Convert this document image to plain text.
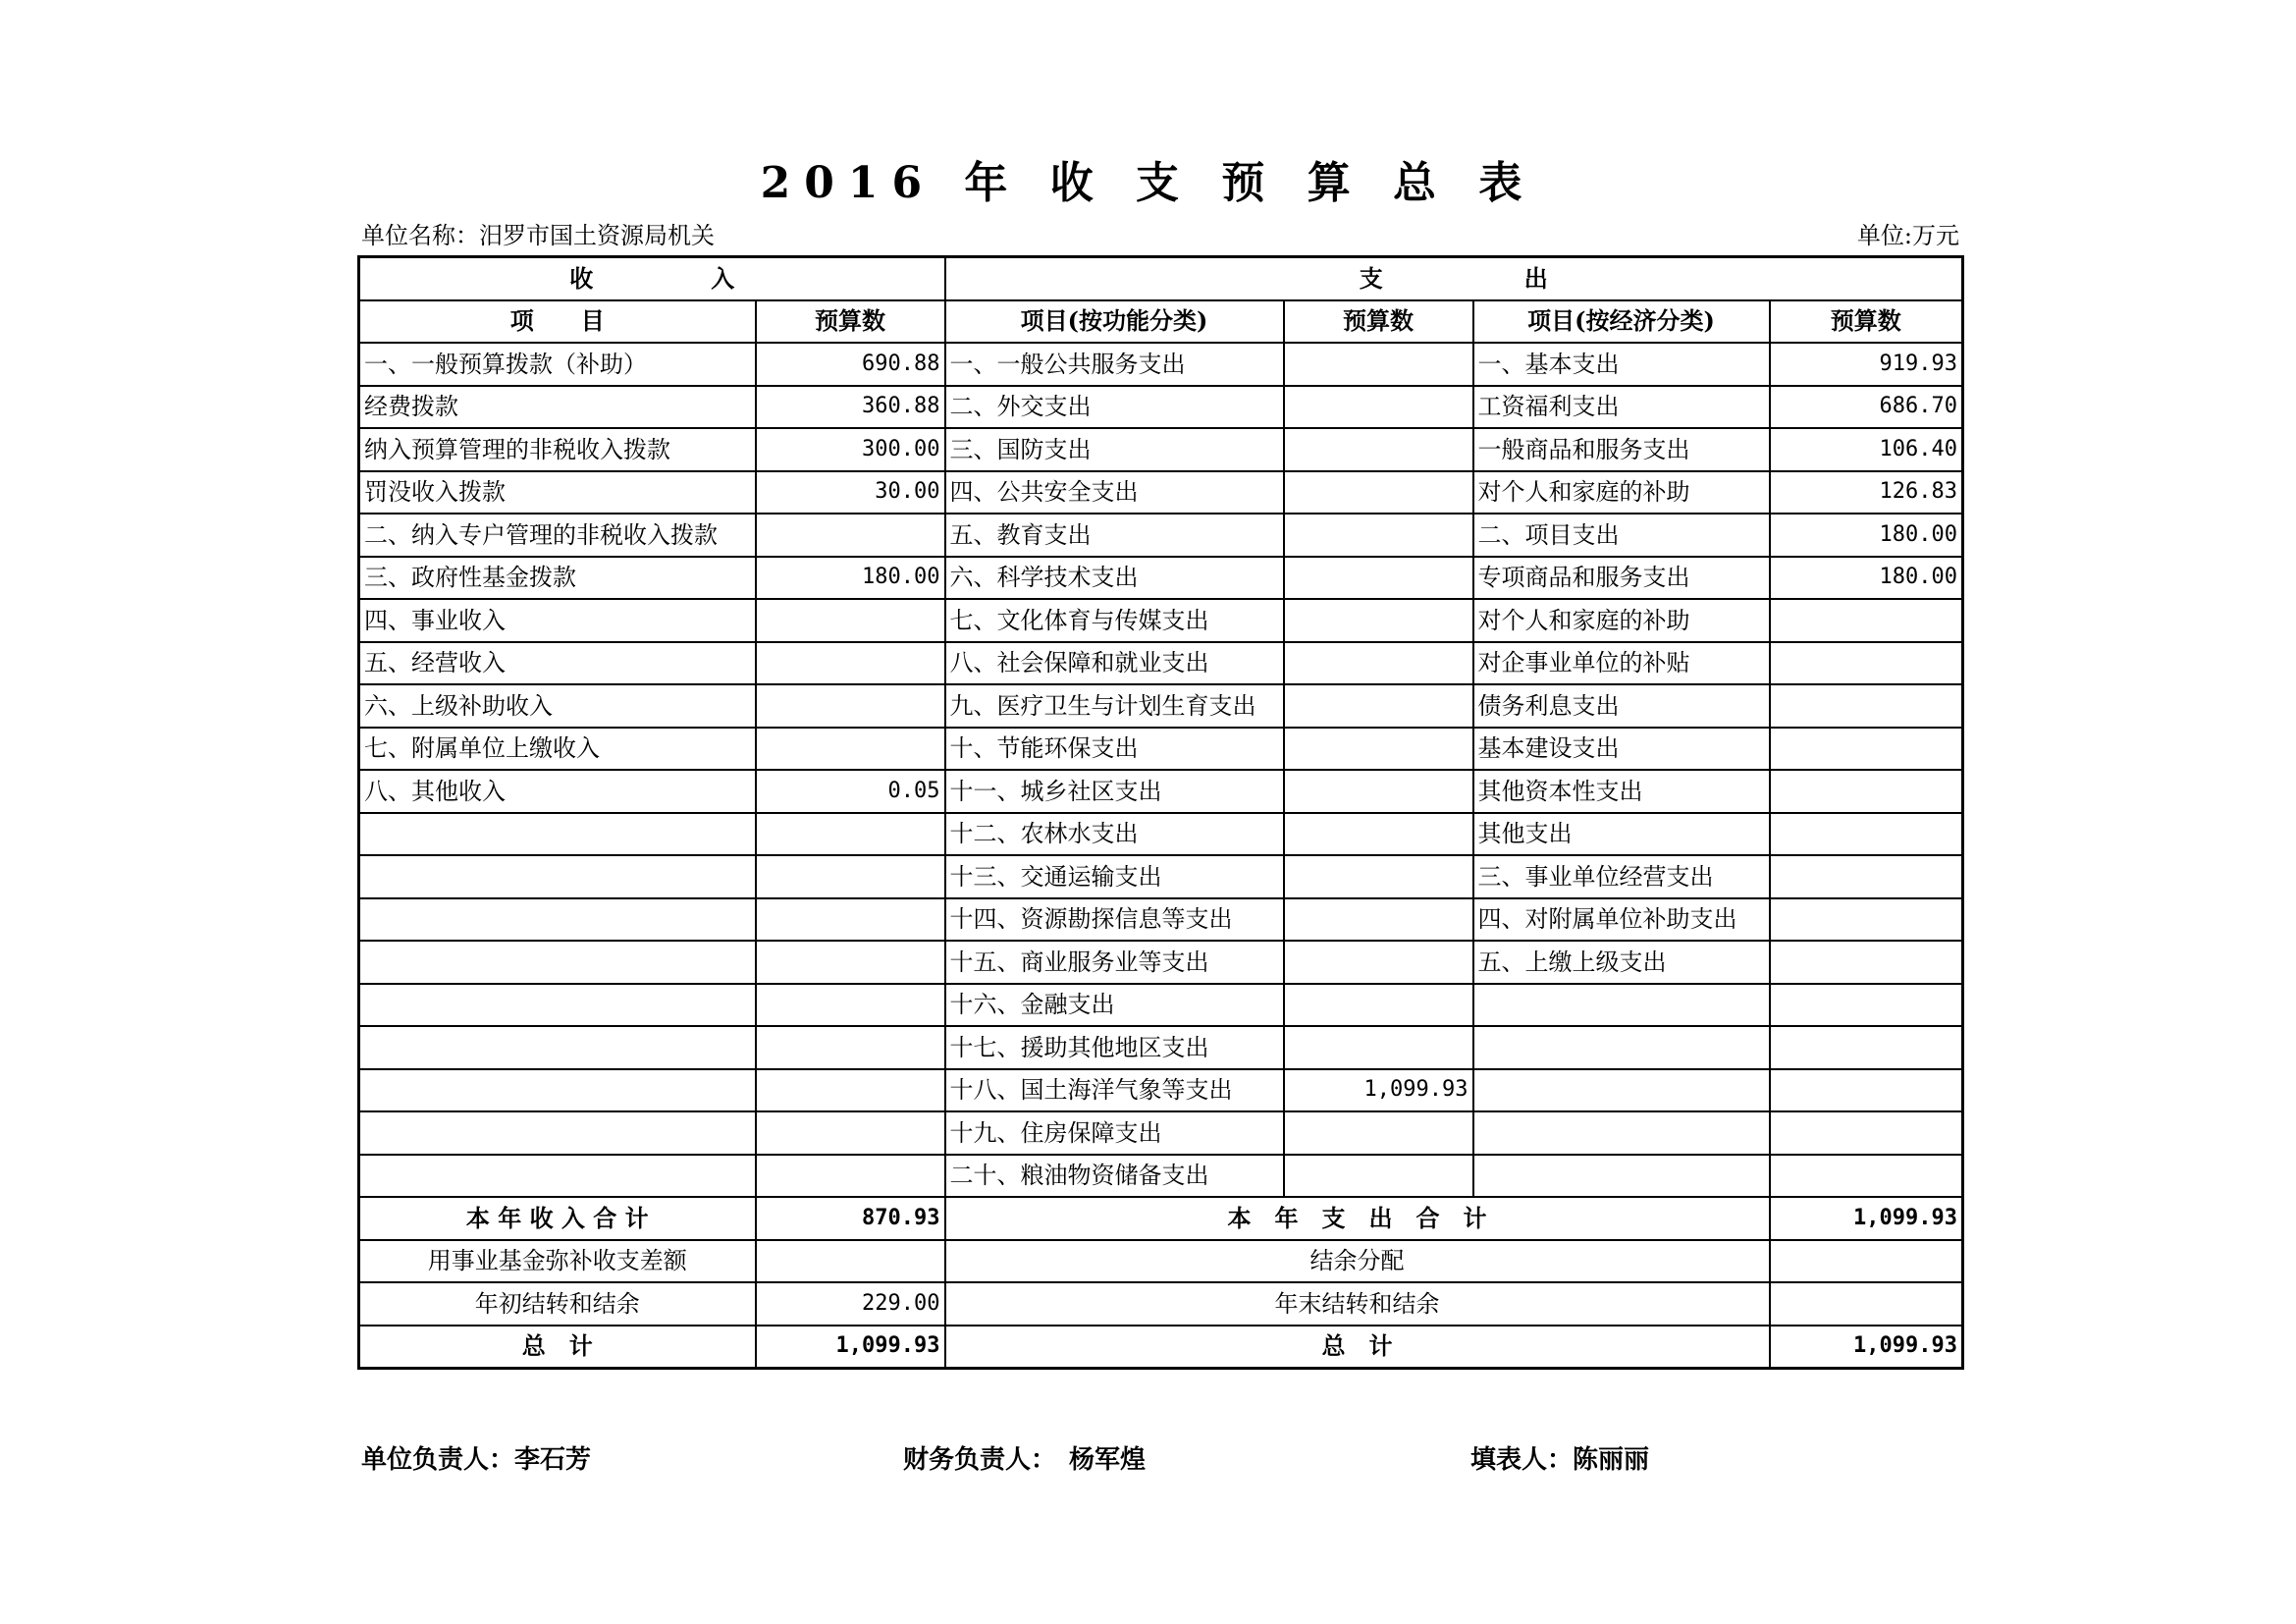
2016 年 收 支 预 算 总 表
单位名称：汨罗市国土资源局机关	单位:万元
收　　　　　入		支　　　　　　出			
项　　目	预算数	项目(按功能分类)	预算数	项目(按经济分类)	预算数
一、一般预算拨款（补助）	690.88	一、一般公共服务支出		一、基本支出	919.93
经费拨款	360.88	二、外交支出		工资福利支出	686.70
纳入预算管理的非税收入拨款	300.00	三、国防支出		一般商品和服务支出	106.40
罚没收入拨款	30.00	四、公共安全支出		对个人和家庭的补助	126.83
二、纳入专户管理的非税收入拨款		五、教育支出		二、项目支出	180.00
三、政府性基金拨款	180.00	六、科学技术支出		专项商品和服务支出	180.00
四、事业收入		七、文化体育与传媒支出		对个人和家庭的补助	
五、经营收入		八、社会保障和就业支出		对企事业单位的补贴	
六、上级补助收入		九、医疗卫生与计划生育支出		债务利息支出	
七、附属单位上缴收入		十、节能环保支出		基本建设支出	
八、其他收入	0.05	十一、城乡社区支出		其他资本性支出	
		十二、农林水支出		其他支出	
		十三、交通运输支出		三、事业单位经营支出	
		十四、资源勘探信息等支出		四、对附属单位补助支出	
		十五、商业服务业等支出		五、上缴上级支出	
		十六、金融支出			
		十七、援助其他地区支出			
		十八、国土海洋气象等支出	1,099.93		
		十九、住房保障支出			
		二十、粮油物资储备支出			
本 年 收 入 合 计	870.93	本　年　支　出　合　计			1,099.93
用事业基金弥补收支差额		结余分配			
年初结转和结余	229.00	年末结转和结余			
总　计	1,099.93	总　计			1,099.93
单位负责人：李石芳	财务负责人：　杨军煌	填表人：陈丽丽
